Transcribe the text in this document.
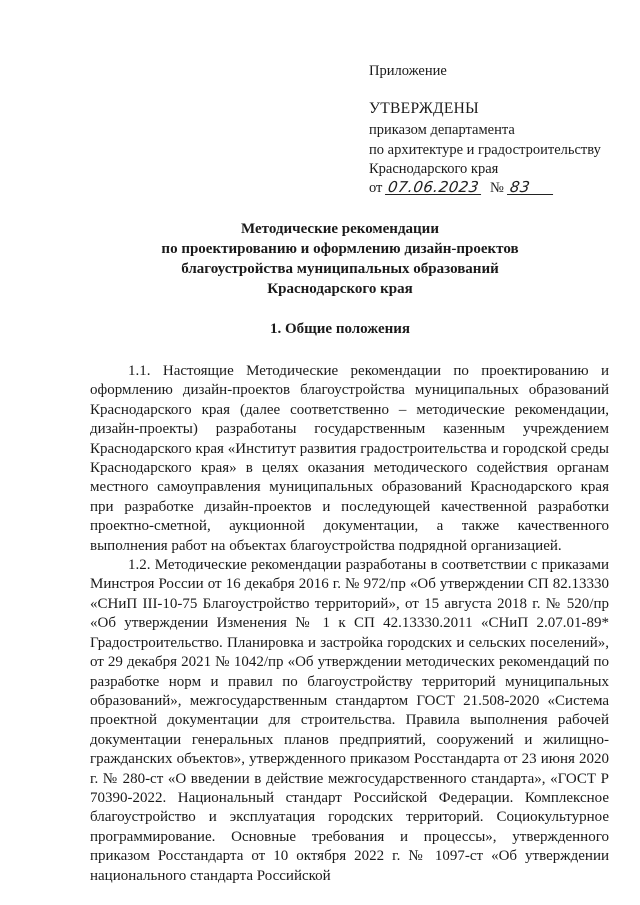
Приложение
УТВЕРЖДЕНЫ
приказом департамента
по архитектуре и градостроительству
Краснодарского края
от 07.06.2023 № 83
Методические рекомендации
по проектированию и оформлению дизайн-проектов
благоустройства муниципальных образований
Краснодарского края
1. Общие положения

1.1. Настоящие Методические рекомендации по проектированию и оформлению дизайн-проектов благоустройства муниципальных образований Краснодарского края (далее соответственно – методические рекомендации, дизайн-проекты) разработаны государственным казенным учреждением Краснодарского края «Институт развития градостроительства и городской среды Краснодарского края» в целях оказания методического содействия органам местного самоуправления муниципальных образований Краснодарского края при разработке дизайн-проектов и последующей качественной разработки проектно-сметной, аукционной документации, а также качественного выполнения работ на объектах благоустройства подрядной организацией.

1.2. Методические рекомендации разработаны в соответствии с приказами Минстроя России от 16 декабря 2016 г. № 972/пр «Об утверждении СП 82.13330 «СНиП III-10-75 Благоустройство территорий», от 15 августа 2018 г. № 520/пр «Об утверждении Изменения № 1 к СП 42.13330.2011 «СНиП 2.07.01-89* Градостроительство. Планировка и застройка городских и сельских поселений», от 29 декабря 2021 № 1042/пр «Об утверждении методических рекомендаций по разработке норм и правил по благоустройству территорий муниципальных образований», межгосударственным стандартом ГОСТ 21.508-2020 «Система проектной документации для строительства. Правила выполнения рабочей документации генеральных планов предприятий, сооружений и жилищно-гражданских объектов», утвержденного приказом Росстандарта от 23 июня 2020 г. № 280-ст «О введении в действие межгосударственного стандарта», «ГОСТ Р 70390-2022. Национальный стандарт Российской Федерации. Комплексное благоустройство и эксплуатация городских территорий. Социокультурное программирование. Основные требования и процессы», утвержденного приказом Росстандарта от 10 октября 2022 г. № 1097-ст «Об утверждении национального стандарта Российской
